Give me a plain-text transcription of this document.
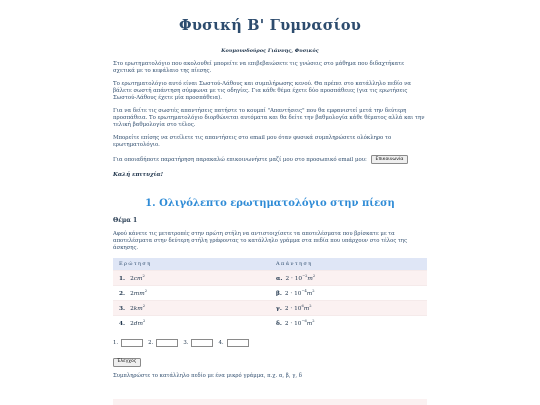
Φυσική Β' Γυμνασίου
Κουμουνδούρος Γιάννης, Φυσικός

Στο ερωτηματολόγιο που ακολουθεί μπορείτε να επιβεβαιώσετε τις γνώσεις στο μάθημα που διδαχτήκατε σχετικά με το κεφάλαιο της πίεσης.

Το ερωτηματολόγιο αυτό είναι Σωστού-Λάθους και συμπλήρωσης κενού. Θα πρέπει στο κατάλληλο πεδίο να βάλετε σωστή απάντηση σύμφωνα με τις οδηγίες. Για κάθε θέμα έχετε δύο προσπάθειες (για τις ερωτήσεις Σωστού-Λάθους έχετε μία προσπάθεια).

Για να δείτε τις σωστές απαντήσεις πατήστε το κουμπί "Απαντήσεις" που θα εμφανιστεί μετά την δεύτερη προσπάθεια. Το ερωτηματολόγιο διορθώνεται αυτόματα και θα δείτε την βαθμολογία κάθε θέματος αλλά και την τελική βαθμολογία στο τέλος.

Μπορείτε επίσης να στείλετε τις απαντήσεις στο email μου όταν φυσικά συμπληρώσετε ολόκληρο το ερωτηματολόγιο.

Για οποιαδήποτε παρατήρηση παρακαλώ επικοινωνήστε μαζί μου στο προσωπικό email μου: Επικοινωνία

Καλή επιτυχία!
1. Ολιγόλεπτο ερωτηματολόγιο στην πίεση
Θέμα 1
Αφού κάνετε τις μετατροπές στην πρώτη στήλη να αντιστοιχίσετε τα αποτελέσματα που βρίσκατε με τα αποτελέσματα στην δεύτερη στήλη γράφοντας το κατάλληλο γράμμα στα πεδία που υπάρχουν στο τέλος της άσκησης.
Ερώτηση	Απάντηση
1. $2cm^2$	α. $2 \cdot 10^{-2}m^2$
2. $2mm^2$	β. $2 \cdot 10^{-4}m^2$
3. $2km^2$	γ. $2 \cdot 10^6m^2$
4. $2dm^2$	δ. $2 \cdot 10^{-6}m^2$
1.	2.	3.	4.
Έλεγχος
Συμπληρώστε το κατάλληλο πεδίο με ένα μικρό γράμμα, π.χ. α, β, γ, δ
